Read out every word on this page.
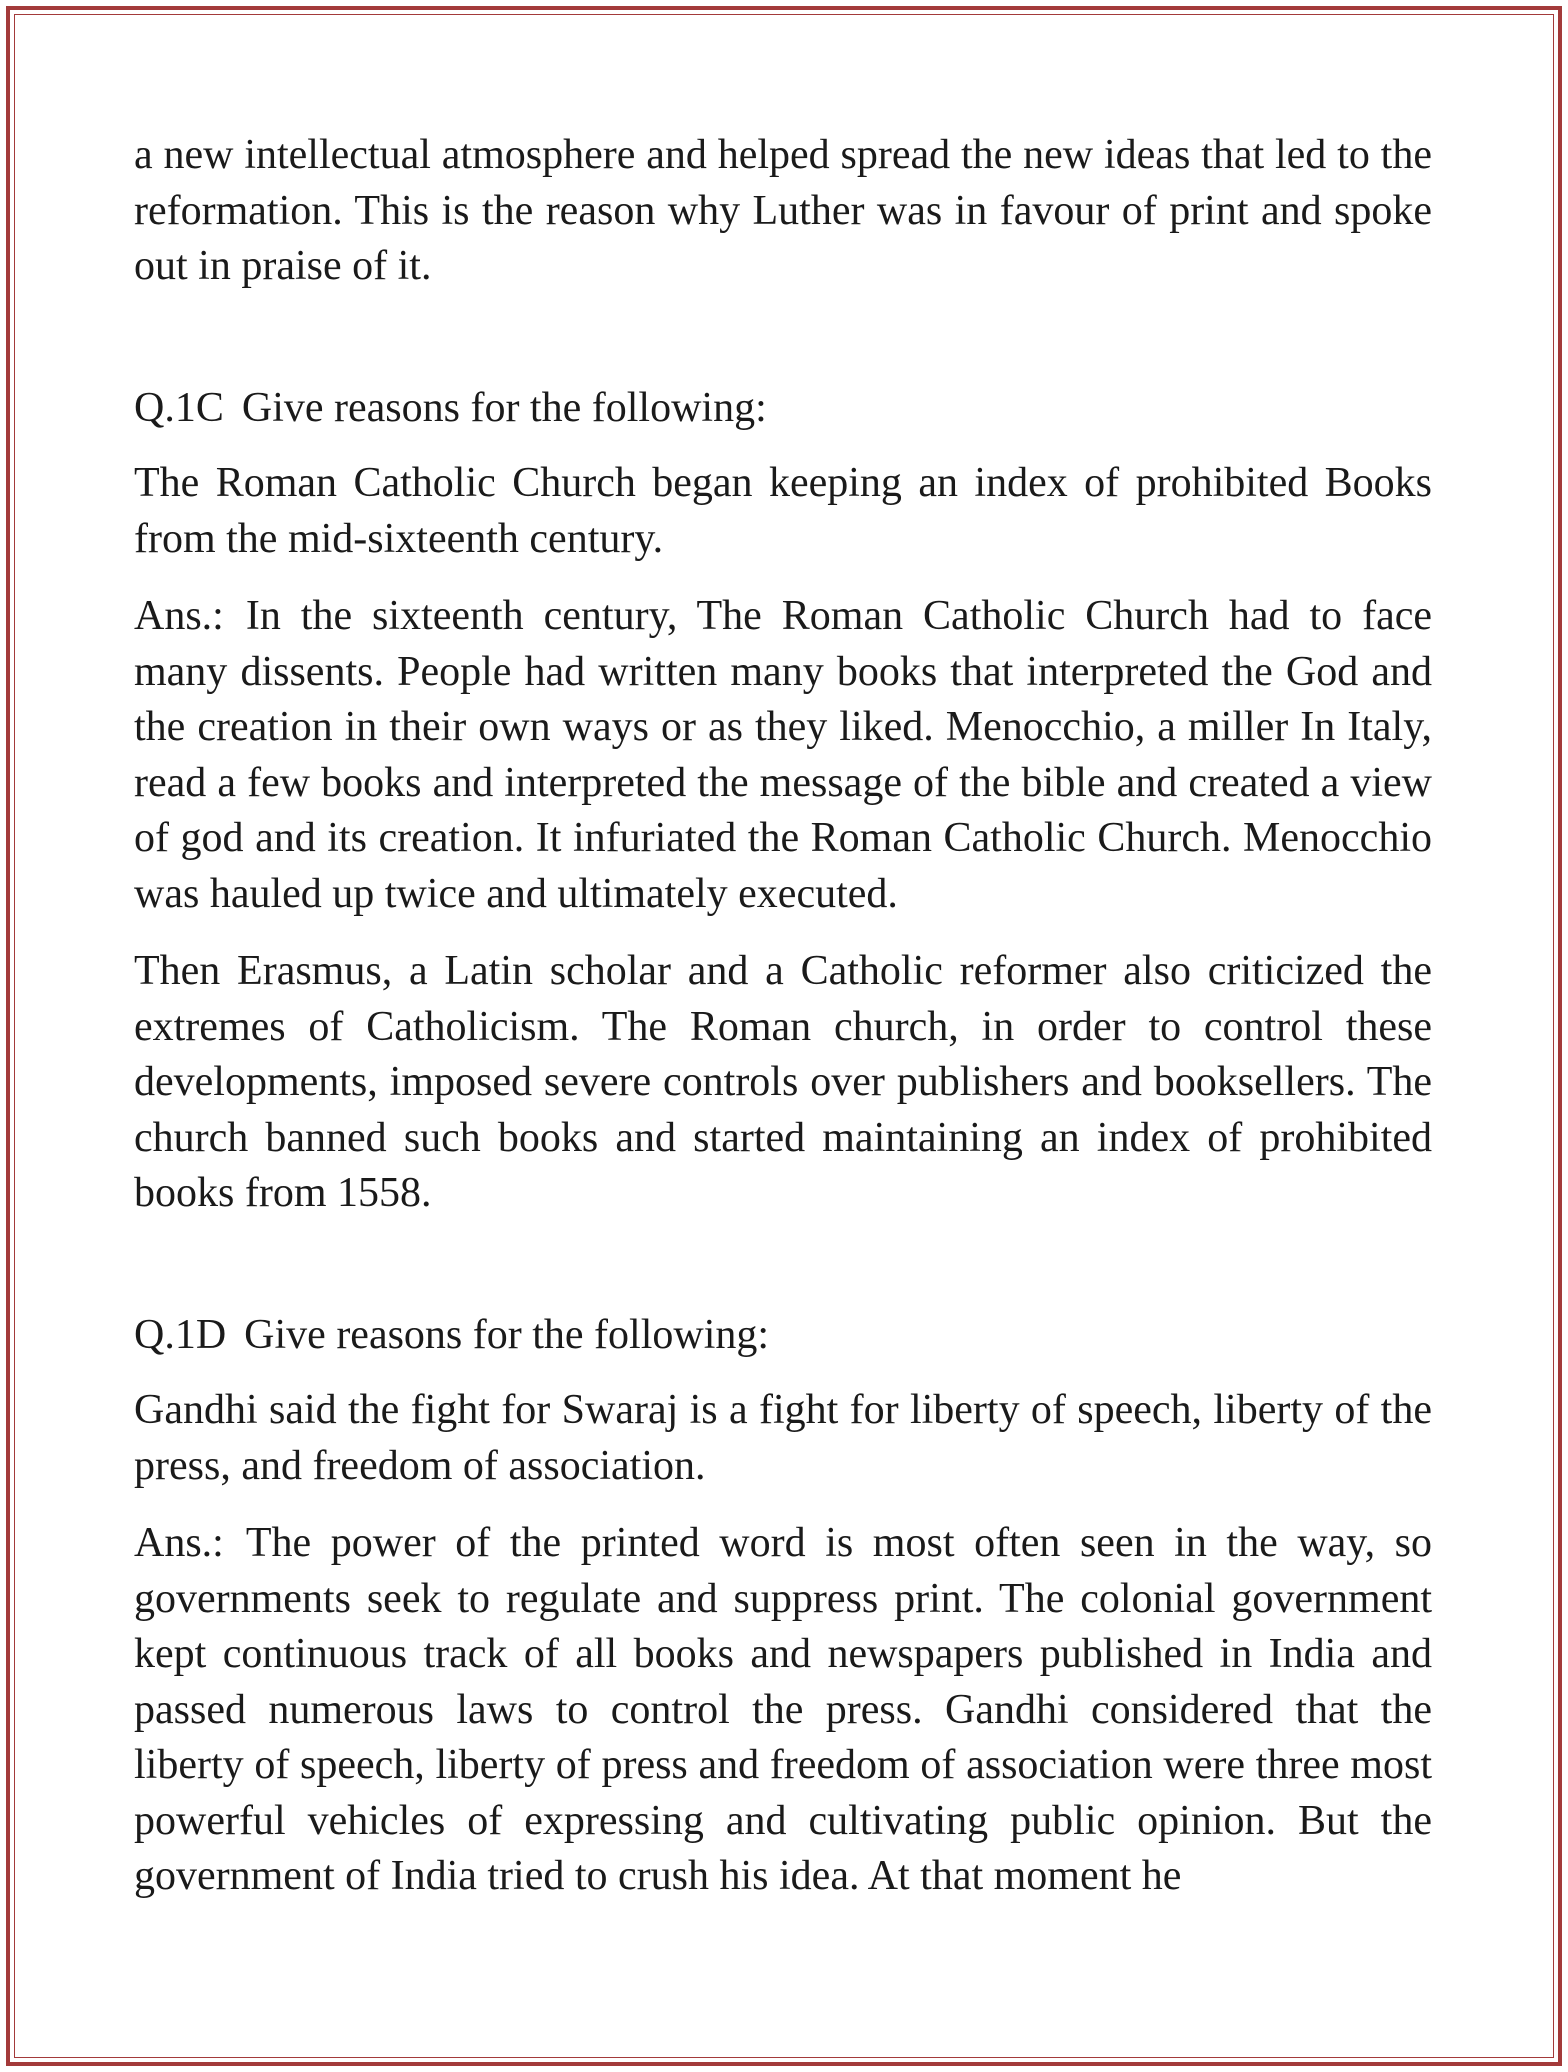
a new intellectual atmosphere and helped spread the new ideas that led to the reformation. This is the reason why Luther was in favour of print and spoke out in praise of it.

Q.1C Give reasons for the following:

The Roman Catholic Church began keeping an index of prohibited Books from the mid-sixteenth century.

Ans.: In the sixteenth century, The Roman Catholic Church had to face many dissents. People had written many books that interpreted the God and the creation in their own ways or as they liked. Menocchio, a miller In Italy, read a few books and interpreted the message of the bible and created a view of god and its creation. It infuriated the Roman Catholic Church. Menocchio was hauled up twice and ultimately executed.

Then Erasmus, a Latin scholar and a Catholic reformer also criticized the extremes of Catholicism. The Roman church, in order to control these developments, imposed severe controls over publishers and booksellers. The church banned such books and started maintaining an index of prohibited books from 1558.

Q.1D Give reasons for the following:

Gandhi said the fight for Swaraj is a fight for liberty of speech, liberty of the press, and freedom of association.

Ans.: The power of the printed word is most often seen in the way, so governments seek to regulate and suppress print. The colonial government kept continuous track of all books and newspapers published in India and passed numerous laws to control the press. Gandhi considered that the liberty of speech, liberty of press and freedom of association were three most powerful vehicles of expressing and cultivating public opinion. But the government of India tried to crush his idea. At that moment he
